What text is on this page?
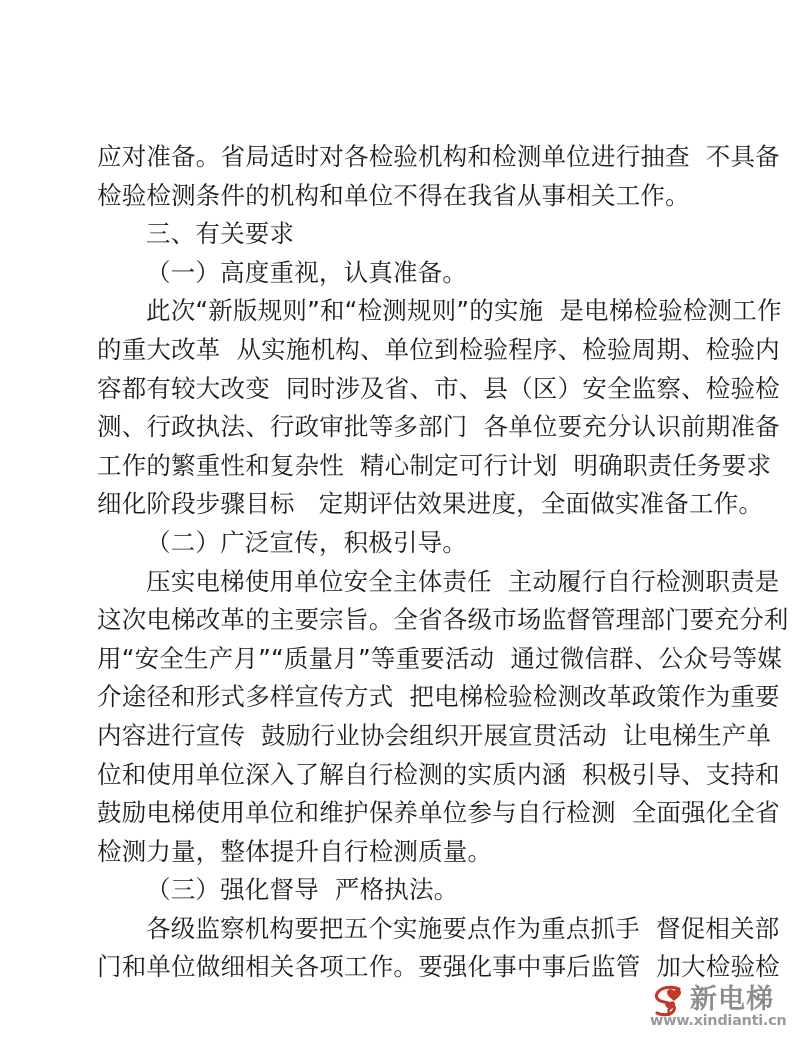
应对准备。省局适时对各检验机构和检测单位进行抽查  不具备
检验检测条件的机构和单位不得在我省从事相关工作。
三、有关要求
（一）高度重视，认真准备。
此次“新版规则”和“检测规则”的实施  是电梯检验检测工作
的重大改革  从实施机构、单位到检验程序、检验周期、检验内
容都有较大改变  同时涉及省、市、县（区）安全监察、检验检
测、行政执法、行政审批等多部门  各单位要充分认识前期准备
工作的繁重性和复杂性  精心制定可行计划  明确职责任务要求
细化阶段步骤目标   定期评估效果进度，全面做实准备工作。
（二）广泛宣传，积极引导。
压实电梯使用单位安全主体责任  主动履行自行检测职责是
这次电梯改革的主要宗旨。全省各级市场监督管理部门要充分利
用“安全生产月”“质量月”等重要活动  通过微信群、公众号等媒
介途径和形式多样宣传方式  把电梯检验检测改革政策作为重要
内容进行宣传  鼓励行业协会组织开展宣贯活动  让电梯生产单
位和使用单位深入了解自行检测的实质内涵  积极引导、支持和
鼓励电梯使用单位和维护保养单位参与自行检测  全面强化全省
检测力量，整体提升自行检测质量。
（三）强化督导  严格执法。
各级监察机构要把五个实施要点作为重点抓手  督促相关部
门和单位做细相关各项工作。要强化事中事后监管  加大检验检
新电梯
www.xindianti.cn
